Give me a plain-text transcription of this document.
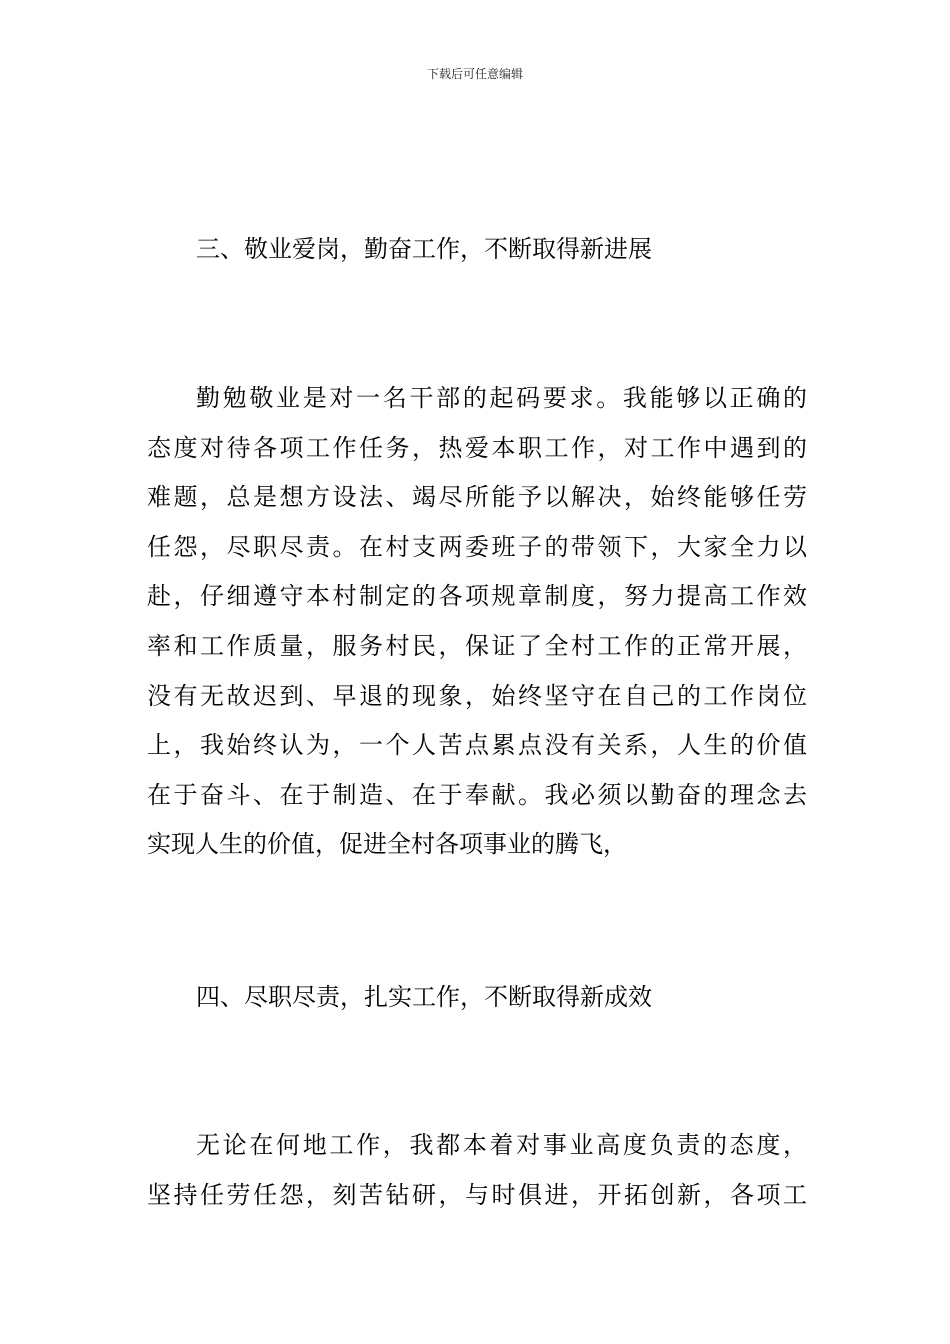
下载后可任意编辑
三、敬业爱岗，勤奋工作，不断取得新进展
勤勉敬业是对一名干部的起码要求。我能够以正确的
态度对待各项工作任务，热爱本职工作，对工作中遇到的
难题，总是想方设法、竭尽所能予以解决，始终能够任劳
任怨，尽职尽责。在村支两委班子的带领下，大家全力以
赴，仔细遵守本村制定的各项规章制度，努力提高工作效
率和工作质量，服务村民，保证了全村工作的正常开展，
没有无故迟到、早退的现象，始终坚守在自己的工作岗位
上，我始终认为，一个人苦点累点没有关系，人生的价值
在于奋斗、在于制造、在于奉献。我必须以勤奋的理念去
实现人生的价值，促进全村各项事业的腾飞，
四、尽职尽责，扎实工作，不断取得新成效
无论在何地工作，我都本着对事业高度负责的态度，
坚持任劳任怨，刻苦钻研，与时俱进，开拓创新，各项工
